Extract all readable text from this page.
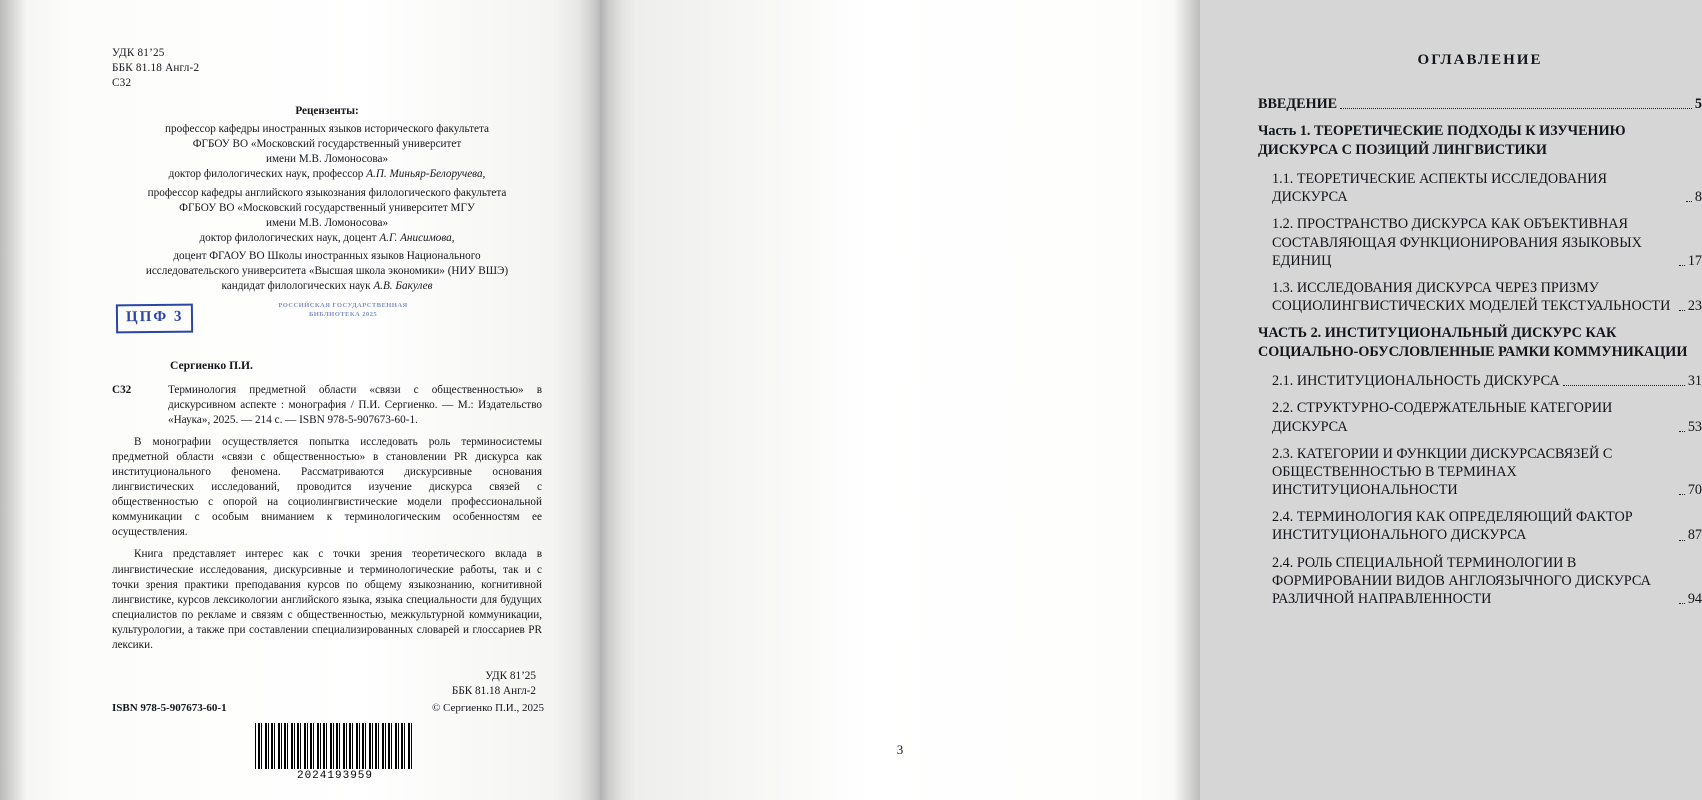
УДК 81’25
ББК 81.18 Англ-2
С32
Рецензенты:
профессор кафедры иностранных языков исторического факультета
ФГБОУ ВО «Московский государственный университет
имени М.В. Ломоносова»
доктор филологических наук, профессор А.П. Миньяр-Белоручева,
профессор кафедры английского языкознания филологического факультета
ФГБОУ ВО «Московский государственный университет МГУ
имени М.В. Ломоносова»
доктор филологических наук, доцент А.Г. Анисимова,
доцент ФГАОУ ВО Школы иностранных языков Национального
исследовательского университета «Высшая школа экономики» (НИУ ВШЭ)
кандидат филологических наук А.В. Бакулев
ЦПФ 3
РОССИЙСКАЯ ГОСУДАРСТВЕННАЯ БИБЛИОТЕКА 2025
Сергиенко П.И.
С32	Терминология предметной области «связи с общественностью» в дискурсивном аспекте : монография / П.И. Сергиенко. — М.: Издательство «Наука», 2025. — 214 с. — ISBN 978-5-907673-60-1.
В монографии осуществляется попытка исследовать роль терминосистемы предметной области «связи с общественностью» в становлении PR дискурса как институционального феномена. Рассматриваются дискурсивные основания лингвистических исследований, проводится изучение дискурса связей с общественностью с опорой на социолингвистические модели профессиональной коммуникации с особым вниманием к терминологическим особенностям ее осуществления.
Книга представляет интерес как с точки зрения теоретического вклада в лингвистические исследования, дискурсивные и терминологические работы, так и с точки зрения практики преподавания курсов по общему языкознанию, когнитивной лингвистике, курсов лексикологии английского языка, языка специальности для будущих специалистов по рекламе и связям с общественностью, межкультурной коммуникации, культурологии, а также при составлении специализированных словарей и глоссариев PR лексики.
УДК 81’25
ББК 81.18 Англ-2
ISBN 978-5-907673-60-1	© Сергиенко П.И., 2025
2024193959
ОГЛАВЛЕНИЕ
ВВЕДЕНИЕ	5
Часть 1. ТЕОРЕТИЧЕСКИЕ ПОДХОДЫ К ИЗУЧЕНИЮ ДИСКУРСА С ПОЗИЦИЙ ЛИНГВИСТИКИ
1.1. ТЕОРЕТИЧЕСКИЕ АСПЕКТЫ ИССЛЕДОВАНИЯ ДИСКУРСА	8
1.2. ПРОСТРАНСТВО ДИСКУРСА КАК ОБЪЕКТИВНАЯ СОСТАВЛЯЮЩАЯ ФУНКЦИОНИРОВАНИЯ ЯЗЫКОВЫХ ЕДИНИЦ	17
1.3. ИССЛЕДОВАНИЯ ДИСКУРСА ЧЕРЕЗ ПРИЗМУ СОЦИОЛИНГВИСТИЧЕСКИХ МОДЕЛЕЙ ТЕКСТУАЛЬНОСТИ	23
ЧАСТЬ 2. ИНСТИТУЦИОНАЛЬНЫЙ ДИСКУРС КАК СОЦИАЛЬНО-ОБУСЛОВЛЕННЫЕ РАМКИ КОММУНИКАЦИИ
2.1. ИНСТИТУЦИОНАЛЬНОСТЬ ДИСКУРСА	31
2.2. СТРУКТУРНО-СОДЕРЖАТЕЛЬНЫЕ КАТЕГОРИИ ДИСКУРСА	53
2.3. КАТЕГОРИИ И ФУНКЦИИ ДИСКУРСАСВЯЗЕЙ С ОБЩЕСТВЕННОСТЬЮ В ТЕРМИНАХ ИНСТИТУЦИОНАЛЬНОСТИ	70
2.4. ТЕРМИНОЛОГИЯ КАК ОПРЕДЕЛЯЮЩИЙ ФАКТОР ИНСТИТУЦИОНАЛЬНОГО ДИСКУРСА	87
2.4. РОЛЬ СПЕЦИАЛЬНОЙ ТЕРМИНОЛОГИИ В ФОРМИРОВАНИИ ВИДОВ АНГЛОЯЗЫЧНОГО ДИСКУРСА РАЗЛИЧНОЙ НАПРАВЛЕННОСТИ	94
3
